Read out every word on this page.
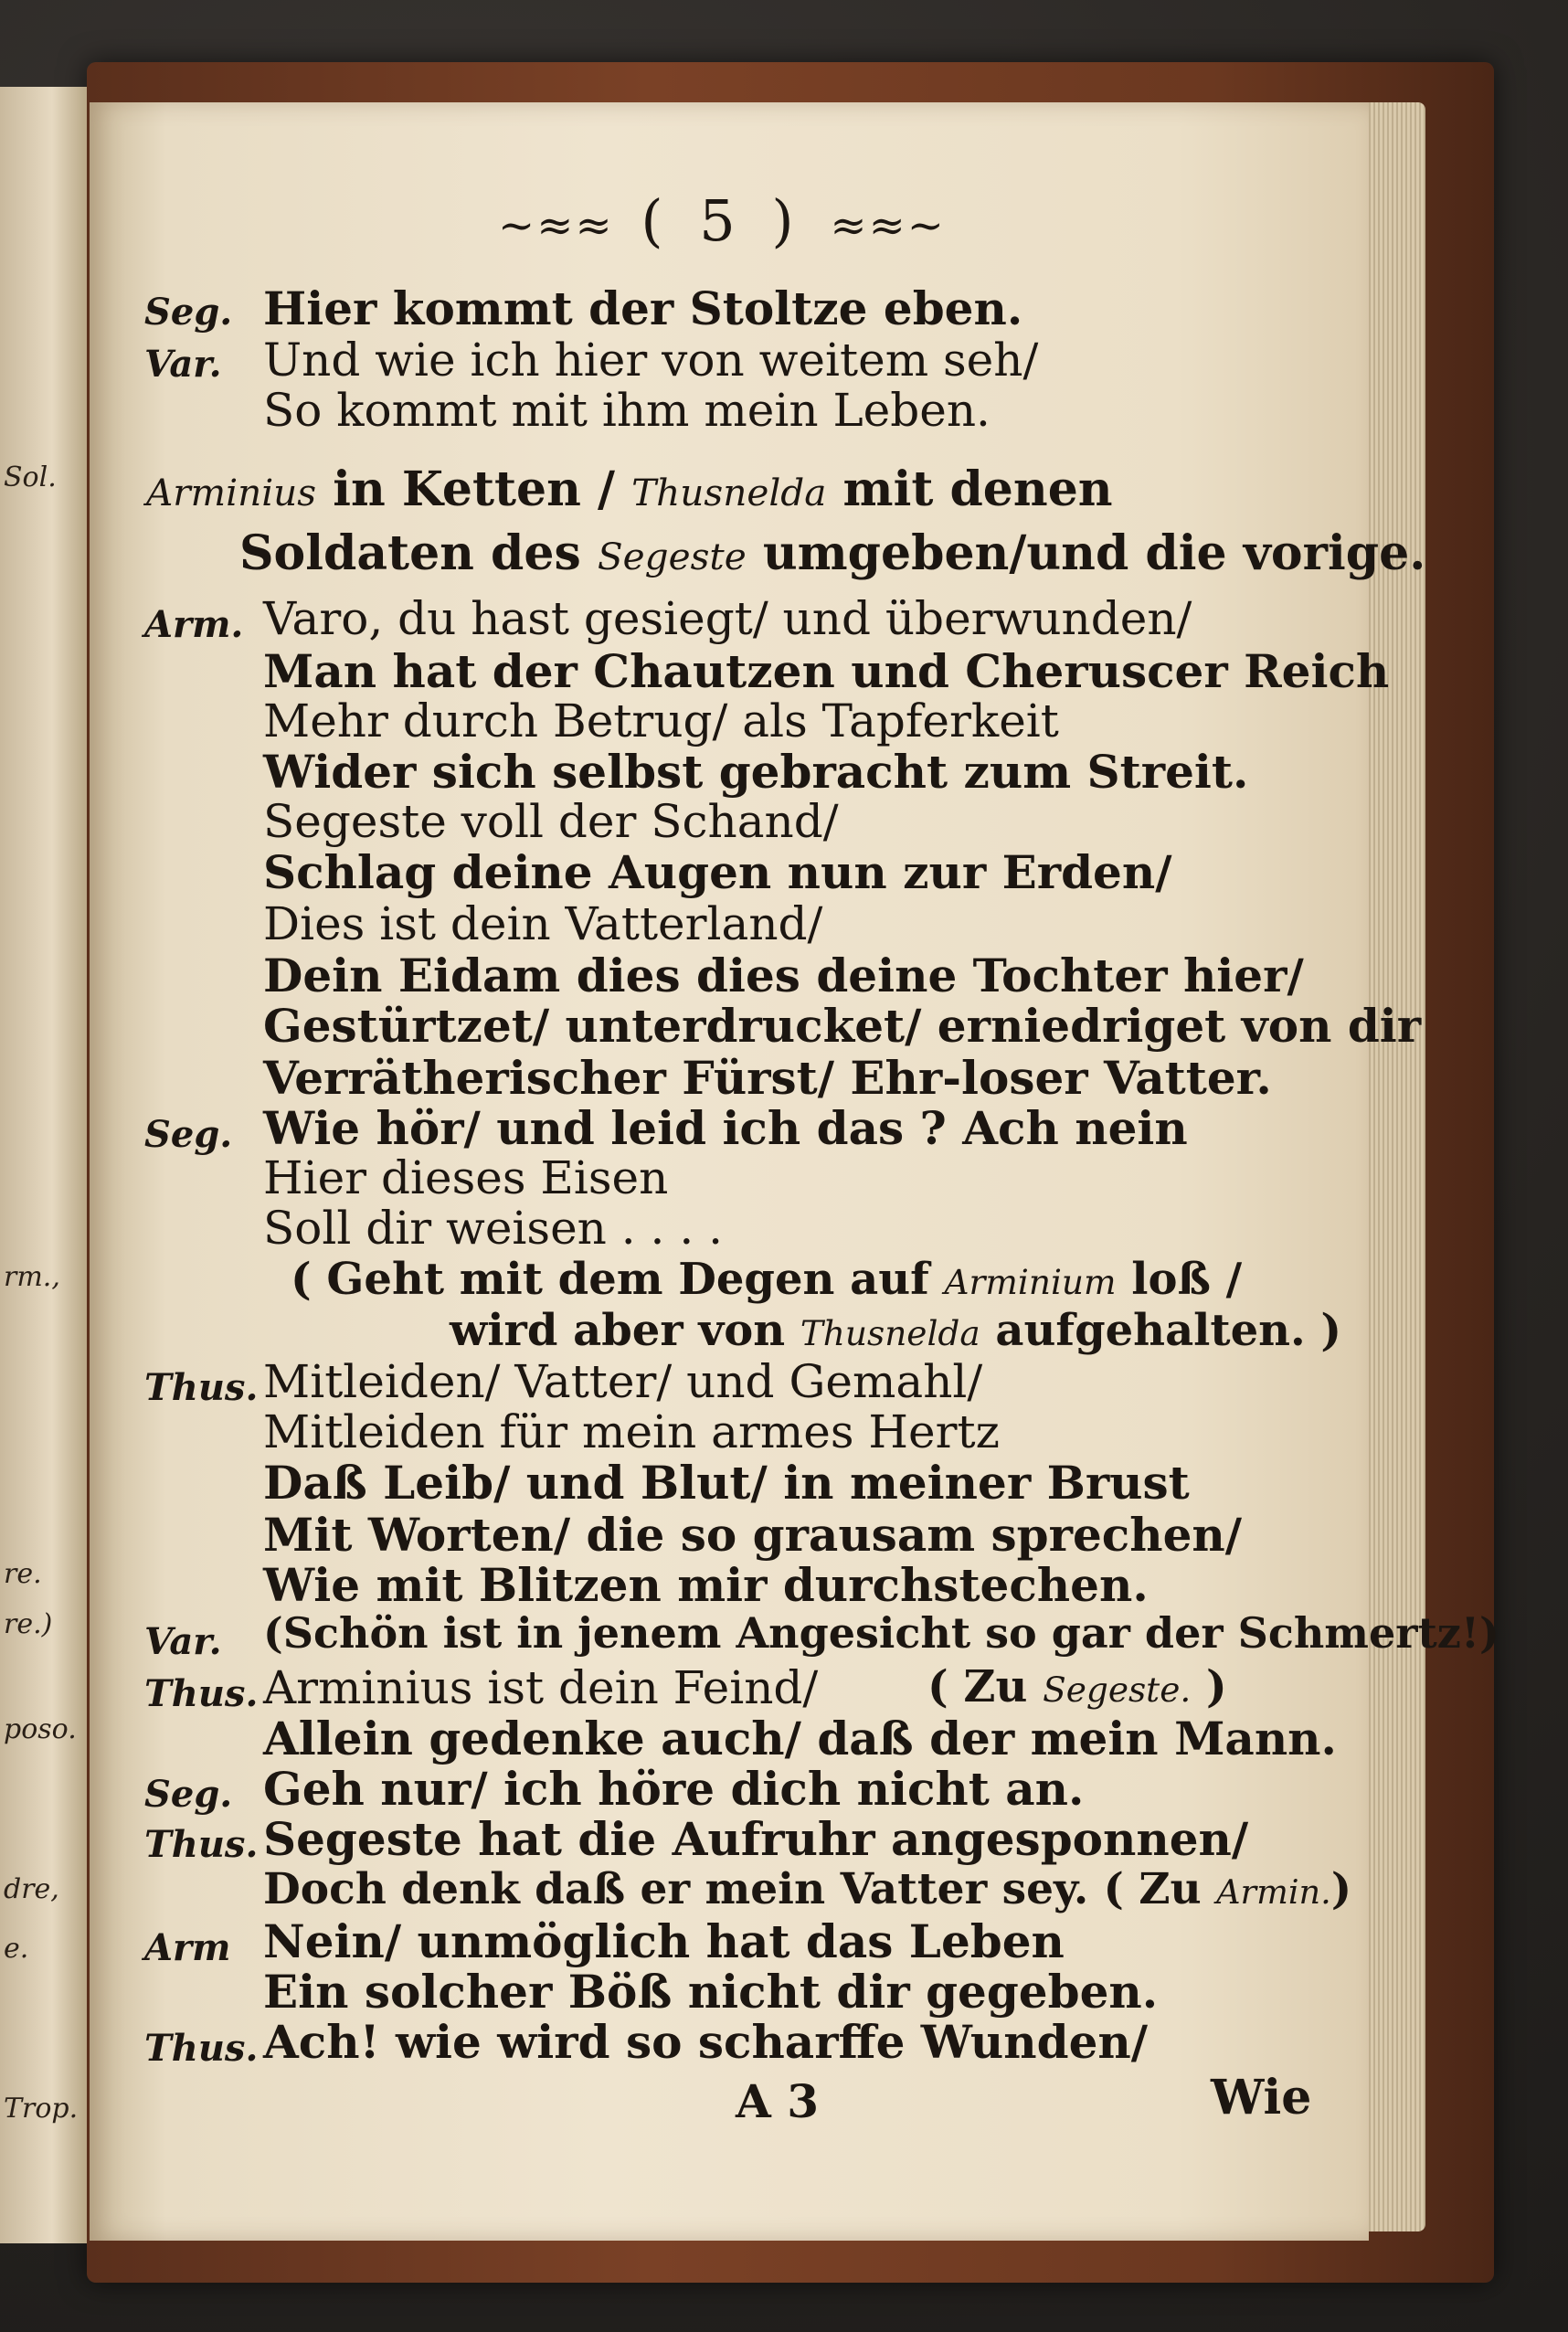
Sol.
rm.,
re.
re.)
poso.
dre,
e.
Trop.
~≈≈ ( 5 ) ≈≈~
Seg. Hier kommt der Stoltze eben.
Var. Und wie ich hier von weitem seh/
So kommt mit ihm mein Leben.
Arminius in Ketten / Thusnelda mit denen
Soldaten des Segeste umgeben/und die vorige.
Arm. Varo, du hast gesiegt/ und überwunden/
Man hat der Chautzen und Cheruscer Reich
Mehr durch Betrug/ als Tapferkeit
Wider sich selbst gebracht zum Streit.
Segeste voll der Schand/
Schlag deine Augen nun zur Erden/
Dies ist dein Vatterland/
Dein Eidam dies dies deine Tochter hier/
Gestürtzet/ unterdrucket/ erniedriget von dir
Verrätherischer Fürst/ Ehr-loser Vatter.
Seg. Wie hör/ und leid ich das ? Ach nein
Hier dieses Eisen
Soll dir weisen . . . .
( Geht mit dem Degen auf Arminium loß /
wird aber von Thusnelda aufgehalten. )
Thus. Mitleiden/ Vatter/ und Gemahl/
Mitleiden für mein armes Hertz
Daß Leib/ und Blut/ in meiner Brust
Mit Worten/ die so grausam sprechen/
Wie mit Blitzen mir durchstechen.
Var. (Schön ist in jenem Angesicht so gar der Schmertz!)
Thus. Arminius ist dein Feind/ ( Zu Segeste. )
Allein gedenke auch/ daß der mein Mann.
Seg. Geh nur/ ich höre dich nicht an.
Thus. Segeste hat die Aufruhr angesponnen/
Doch denk daß er mein Vatter sey. ( Zu Armin.)
Arm Nein/ unmöglich hat das Leben
Ein solcher Böß nicht dir gegeben.
Thus. Ach! wie wird so scharffe Wunden/
A 3	Wie
